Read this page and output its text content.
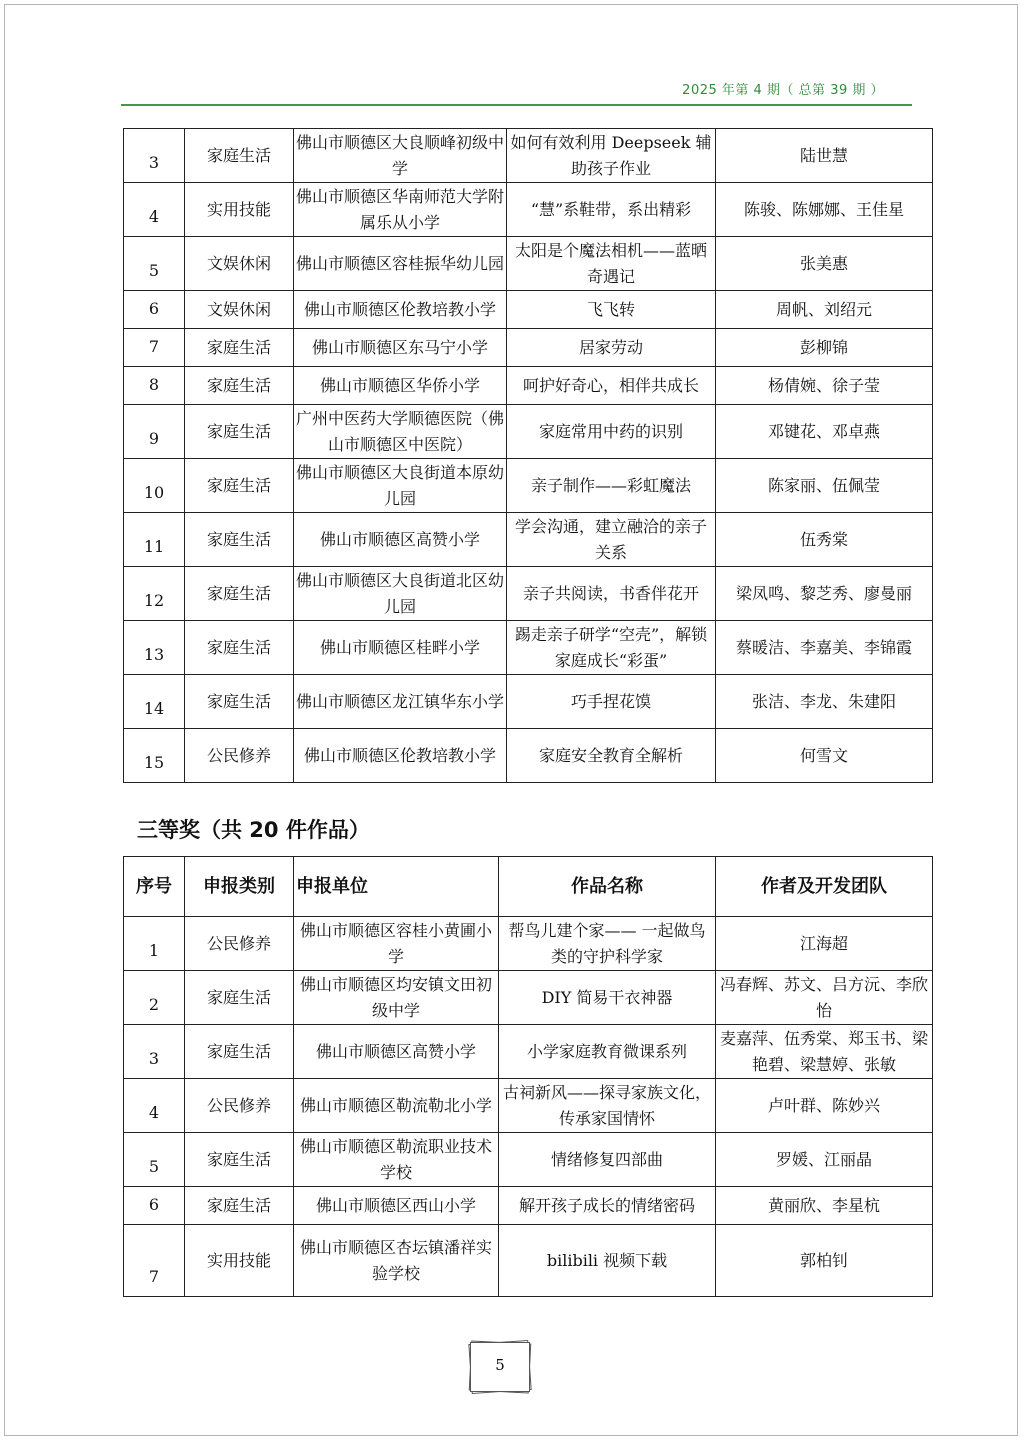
2025 年第 4 期（ 总第 39 期 ）
3	家庭生活	佛山市顺德区大良顺峰初级中学	如何有效利用 Deepseek 辅助孩子作业	陆世慧
4	实用技能	佛山市顺德区华南师范大学附属乐从小学	“慧”系鞋带，系出精彩	陈骏、陈娜娜、王佳星
5	文娱休闲	佛山市顺德区容桂振华幼儿园	太阳是个魔法相机——蓝晒奇遇记	张美惠
6	文娱休闲	佛山市顺德区伦教培教小学	飞飞转	周帆、刘绍元
7	家庭生活	佛山市顺德区东马宁小学	居家劳动	彭柳锦
8	家庭生活	佛山市顺德区华侨小学	呵护好奇心，相伴共成长	杨倩婉、徐子莹
9	家庭生活	广州中医药大学顺德医院（佛山市顺德区中医院）	家庭常用中药的识别	邓键花、邓卓燕
10	家庭生活	佛山市顺德区大良街道本原幼儿园	亲子制作——彩虹魔法	陈家丽、伍佩莹
11	家庭生活	佛山市顺德区高赞小学	学会沟通，建立融洽的亲子关系	伍秀棠
12	家庭生活	佛山市顺德区大良街道北区幼儿园	亲子共阅读，书香伴花开	梁凤鸣、黎芝秀、廖曼丽
13	家庭生活	佛山市顺德区桂畔小学	踢走亲子研学“空壳”，解锁家庭成长“彩蛋”	蔡暖洁、李嘉美、李锦霞
14	家庭生活	佛山市顺德区龙江镇华东小学	巧手捏花馍	张洁、李龙、朱建阳
15	公民修养	佛山市顺德区伦教培教小学	家庭安全教育全解析	何雪文
三等奖（共 20 件作品）
序号	申报类别	申报单位	作品名称	作者及开发团队
1	公民修养	佛山市顺德区容桂小黄圃小学	帮鸟儿建个家—— 一起做鸟类的守护科学家	江海超
2	家庭生活	佛山市顺德区均安镇文田初级中学	DIY 简易干衣神器	冯春辉、苏文、吕方沅、李欣怡
3	家庭生活	佛山市顺德区高赞小学	小学家庭教育微课系列	麦嘉萍、伍秀棠、郑玉书、梁艳碧、梁慧婷、张敏
4	公民修养	佛山市顺德区勒流勒北小学	古祠新风——探寻家族文化，传承家国情怀	卢叶群、陈妙兴
5	家庭生活	佛山市顺德区勒流职业技术学校	情绪修复四部曲	罗媛、江丽晶
6	家庭生活	佛山市顺德区西山小学	解开孩子成长的情绪密码	黄丽欣、李星杭
7	实用技能	佛山市顺德区杏坛镇潘祥实验学校	bilibili 视频下载	郭柏钊
5
